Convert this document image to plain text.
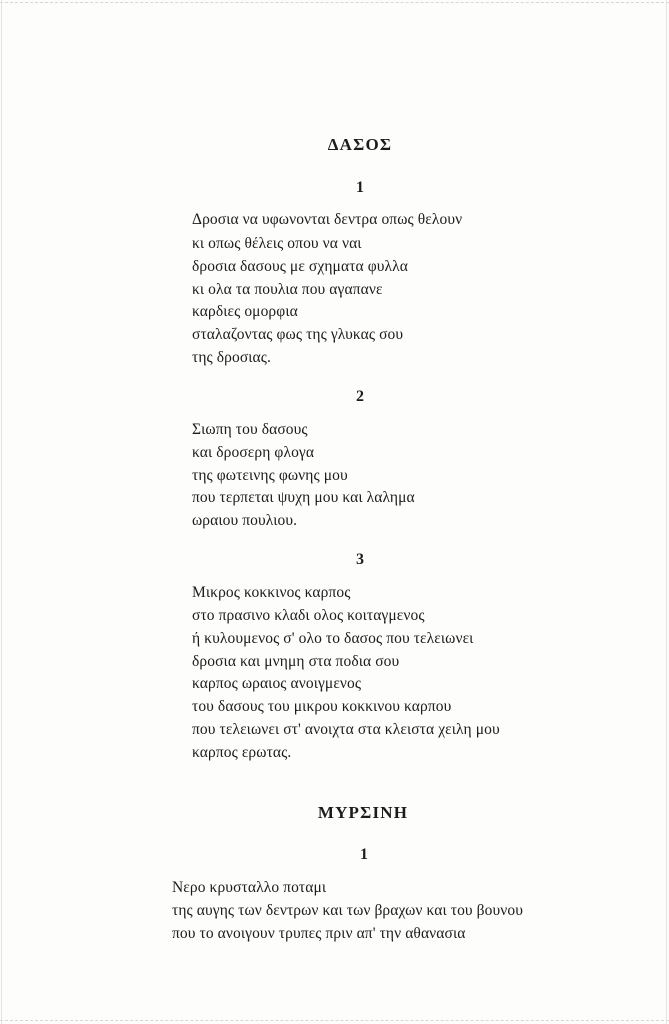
ΔΑΣΟΣ
1

Δροσια να υφωνονται δεντρα οπως θελουν

κι οπως θέλεις οπου να ναι

δροσια δασους με σχηματα φυλλα

κι ολα τα πουλια που αγαπανε

καρδιες ομορφια

σταλαζοντας φως της γλυκας σου

της δροσιας.

2

Σιωπη του δασους

και δροσερη φλογα

της φωτεινης φωνης μου

που τερπεται ψυχη μου και λαλημα

ωραιου πουλιου.

3

Μικρος κοκκινος καρπος

στο πρασινο κλαδι ολος κοιταγμενος

ή κυλουμενος σ' ολο το δασος που τελειωνει

δροσια και μνημη στα ποδια σου

καρπος ωραιος ανοιγμενος

του δασους του μικρου κοκκινου καρπου

που τελειωνει στ' ανοιχτα στα κλειστα χειλη μου

καρπος ερωτας.

ΜΥΡΣΙΝΗ
1

Νερο κρυσταλλο ποταμι

της αυγης των δεντρων και των βραχων και του βουνου

που το ανοιγουν τρυπες πριν απ' την αθανασια
